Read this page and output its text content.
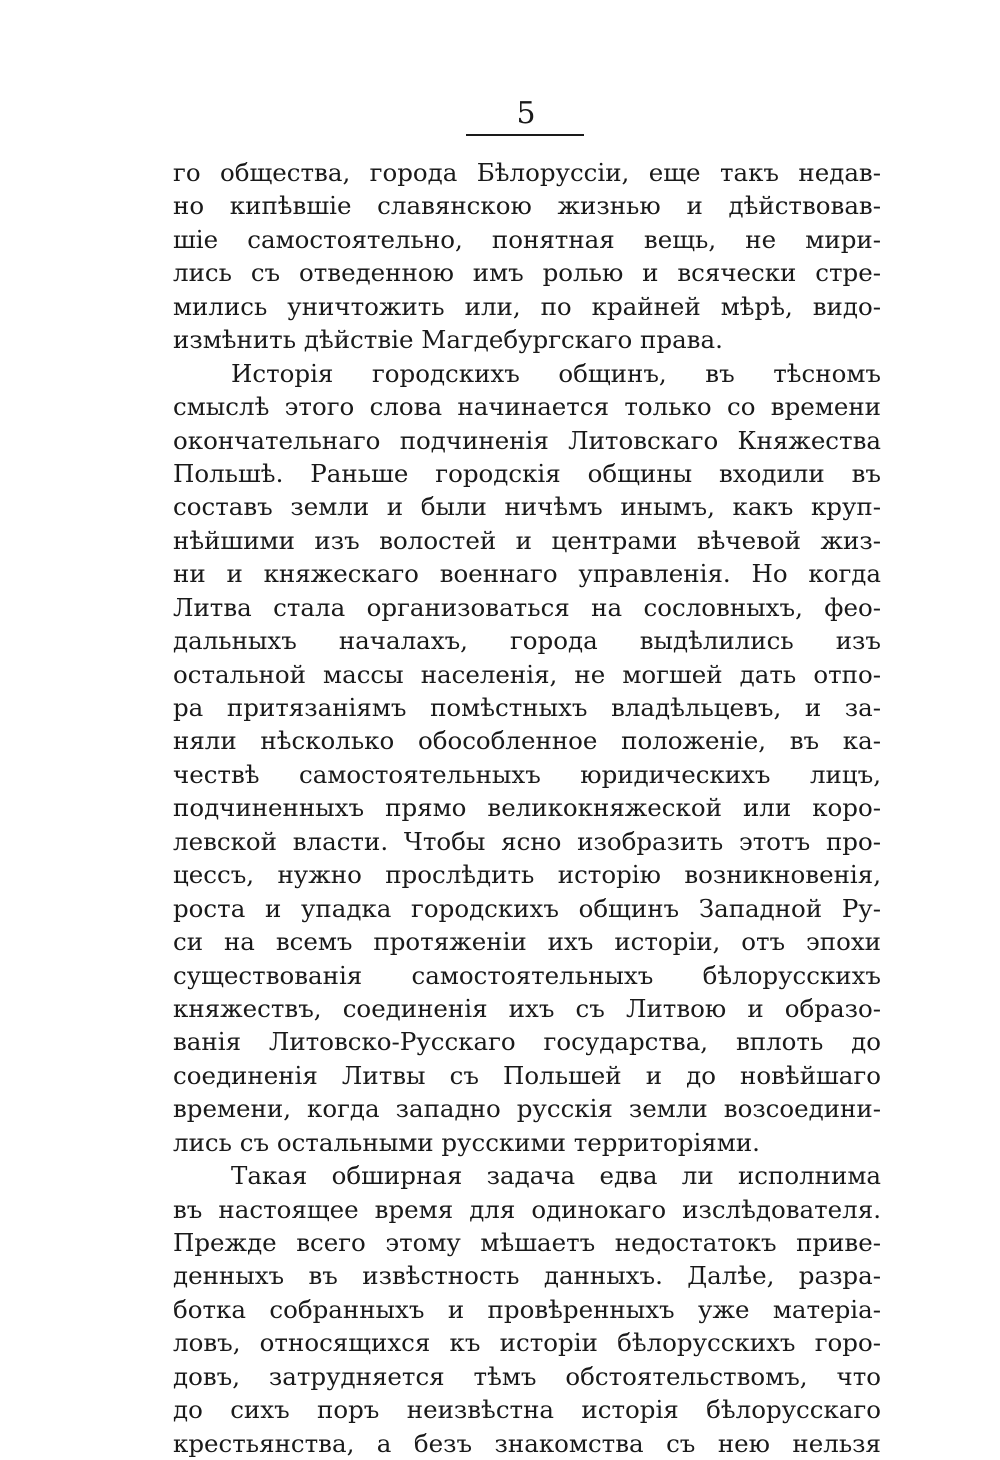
5
го общества, города Бѣлоруссіи, еще такъ недав-
но кипѣвшіе славянскою жизнью и дѣйствовав-
шіе самостоятельно, понятная вещь, не мири-
лись съ отведенною имъ ролью и всячески стре-
мились уничтожить или, по крайней мѣрѣ, видо-
измѣнить дѣйствіе Магдебургскаго права.
Исторія городскихъ общинъ, въ тѣсномъ
смыслѣ этого слова начинается только со времени
окончательнаго подчиненія Литовскаго Княжества
Польшѣ. Раньше городскія общины входили въ
составъ земли и были ничѣмъ инымъ, какъ круп-
нѣйшими изъ волостей и центрами вѣчевой жиз-
ни и княжескаго военнаго управленія. Но когда
Литва стала организоваться на сословныхъ, фео-
дальныхъ началахъ, города выдѣлились изъ
остальной массы населенія, не могшей дать отпо-
ра притязаніямъ помѣстныхъ владѣльцевъ, и за-
няли нѣсколько обособленное положеніе, въ ка-
чествѣ самостоятельныхъ юридическихъ лицъ,
подчиненныхъ прямо великокняжеской или коро-
левской власти. Чтобы ясно изобразить этотъ про-
цессъ, нужно прослѣдить исторію возникновенія,
роста и упадка городскихъ общинъ Западной Ру-
си на всемъ протяженіи ихъ исторіи, отъ эпохи
существованія самостоятельныхъ бѣлорусскихъ
княжествъ, соединенія ихъ съ Литвою и образо-
ванія Литовско-Русскаго государства, вплоть до
соединенія Литвы съ Польшей и до новѣйшаго
времени, когда западно русскія земли возсоедини-
лись съ остальными русскими территоріями.
Такая обширная задача едва ли исполнима
въ настоящее время для одинокаго изслѣдователя.
Прежде всего этому мѣшаетъ недостатокъ приве-
денныхъ въ извѣстность данныхъ. Далѣе, разра-
ботка собранныхъ и провѣренныхъ уже матеріа-
ловъ, относящихся къ исторіи бѣлорусскихъ горо-
довъ, затрудняется тѣмъ обстоятельствомъ, что
до сихъ поръ неизвѣстна исторія бѣлорусскаго
крестьянства, а безъ знакомства съ нею нельзя
